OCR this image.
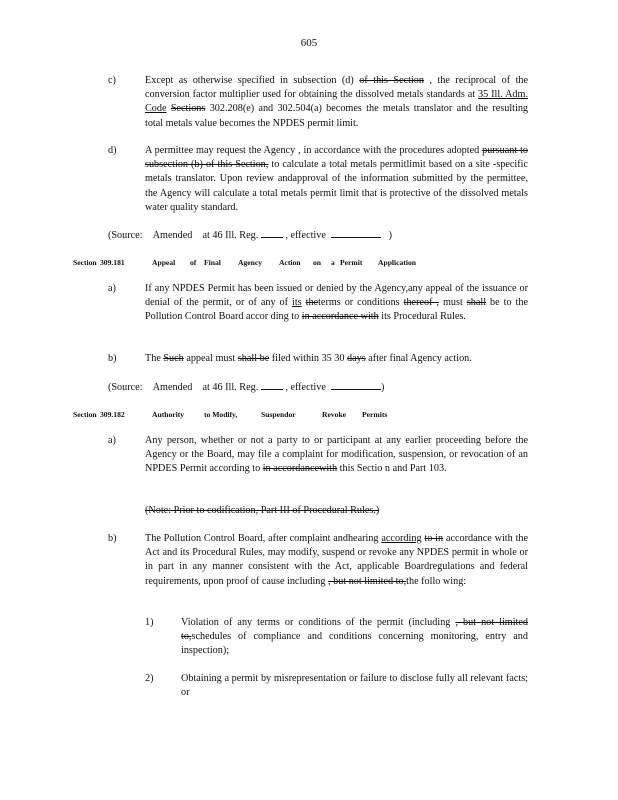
605
c)	Except as otherwise specified in subsection (d) of this Section , the reciprocal of the conversion factor multiplier used for obtaining the dissolved metals standards at 35 Ill. Adm. Code Sections 302.208(e) and 302.504(a) becomes the metals translator and the resulting total metals value becomes the NPDES permit limit.
d)	A permittee may request the Agency , in accordance with the procedures adopted pursuant to subsection (b) of this Section, to calculate a total metals permitlimit based on a site -specific metals translator. Upon review andapproval of the information submitted by the permittee, the Agency will calculate a total metals permit limit that is protective of the dissolved metals water quality standard.
(Source: Amended at 46 Ill. Reg.	, effective	)
Section 309.181	Appeal of Final Agency Action on a Permit Application
a)	If any NPDES Permit has been issued or denied by the Agency,any appeal of the issuance or denial of the permit, or of any of its theterms or conditions thereof , must shall be to the Pollution Control Board accor ding to in accordance with its Procedural Rules.
b)	The Such appeal must shall be filed within 35 30 days after final Agency action.
(Source: Amended at 46 Ill. Reg.	, effective	)
Section 309.182	Authority	to Modify,	Suspendor	Revoke Permits
a)	Any person, whether or not a party to or participant at any earlier proceeding before the Agency or the Board, may file a complaint for modification, suspension, or revocation of an NPDES Permit according to in accordancewith this Sectio n and Part 103.
(Note: Prior to codification, Part III of Procedural Rules.)
b)	The Pollution Control Board, after complaint andhearing according to in accordance with the Act and its Procedural Rules, may modify, suspend or revoke any NPDES permit in whole or in part in any manner consistent with the Act, applicable Boardregulations and federal requirements, upon proof of cause including , but not limited to,the follo wing:
1)	Violation of any terms or conditions of the permit (including , but not limited to,schedules of compliance and conditions concerning monitoring, entry and inspection);
2)	Obtaining a permit by misrepresentation or failure to disclose fully all relevant facts; or
